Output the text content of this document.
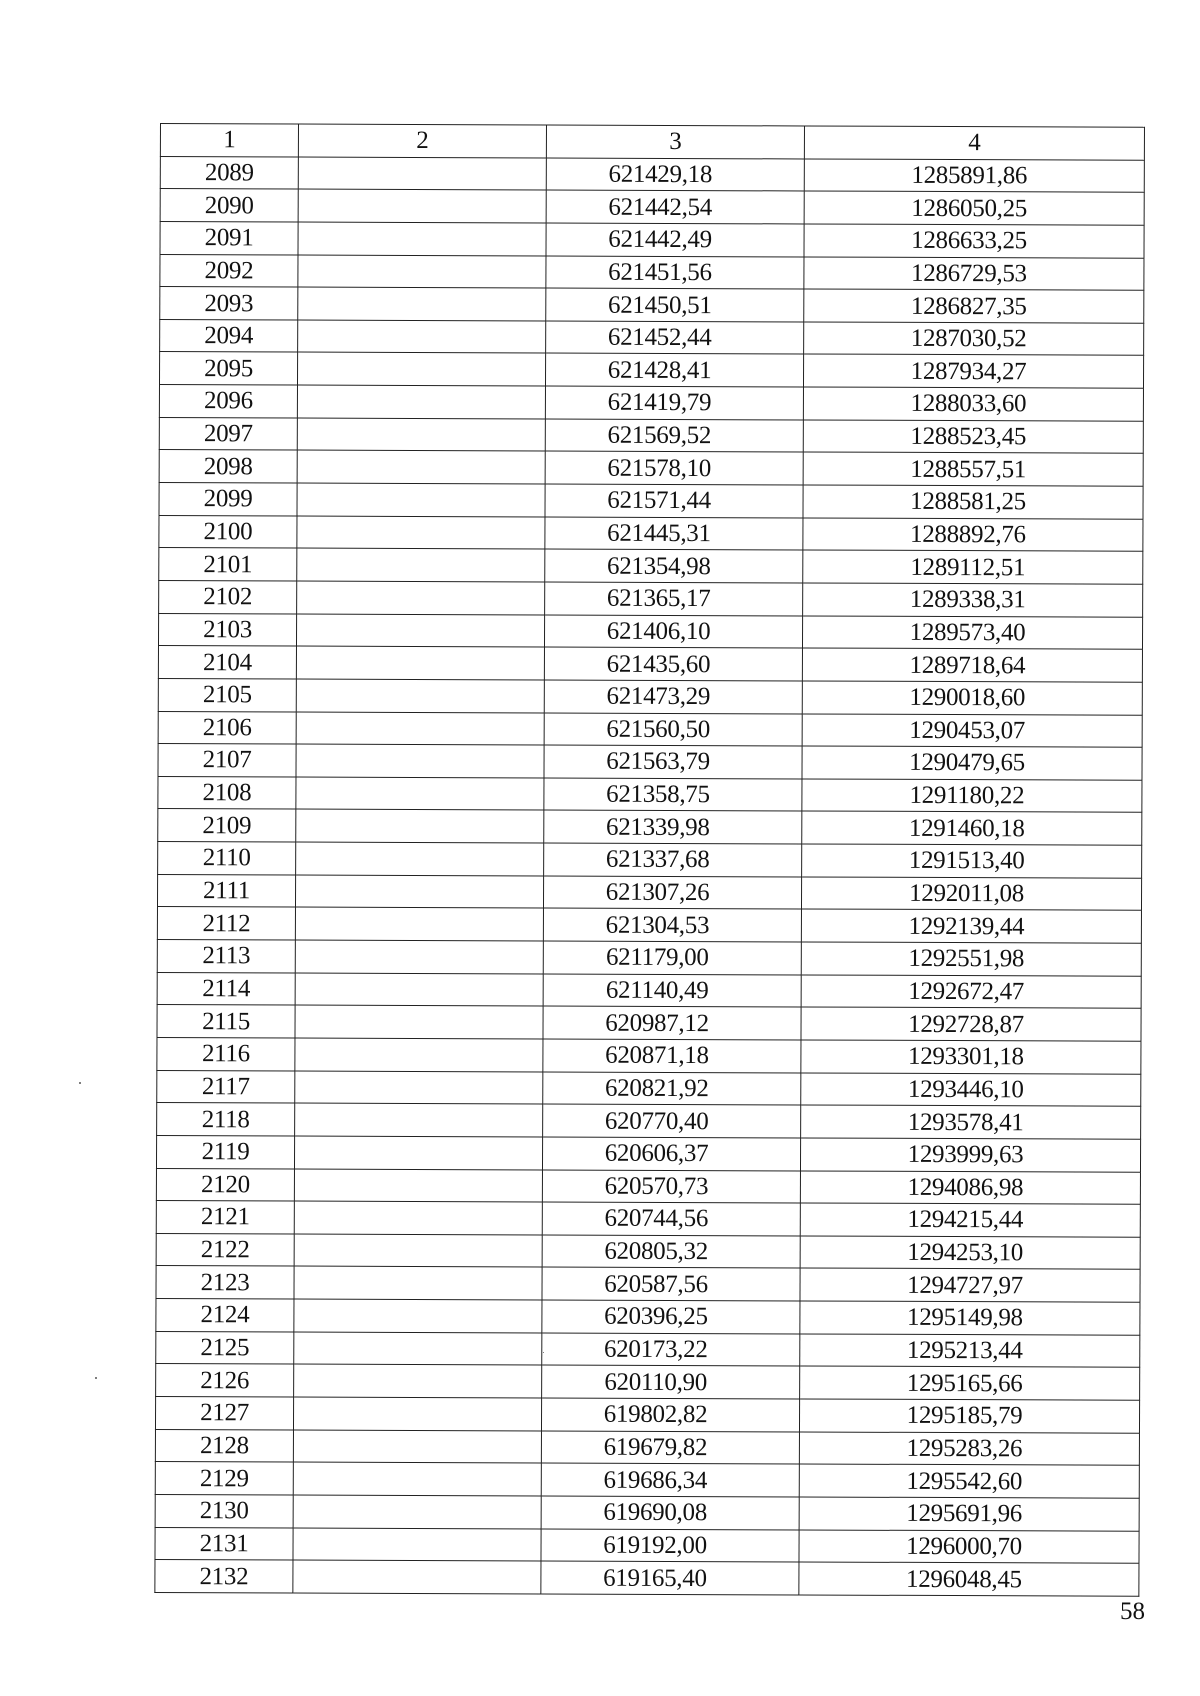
1	2	3	4
2089		621429,18	1285891,86
2090		621442,54	1286050,25
2091		621442,49	1286633,25
2092		621451,56	1286729,53
2093		621450,51	1286827,35
2094		621452,44	1287030,52
2095		621428,41	1287934,27
2096		621419,79	1288033,60
2097		621569,52	1288523,45
2098		621578,10	1288557,51
2099		621571,44	1288581,25
2100		621445,31	1288892,76
2101		621354,98	1289112,51
2102		621365,17	1289338,31
2103		621406,10	1289573,40
2104		621435,60	1289718,64
2105		621473,29	1290018,60
2106		621560,50	1290453,07
2107		621563,79	1290479,65
2108		621358,75	1291180,22
2109		621339,98	1291460,18
2110		621337,68	1291513,40
2111		621307,26	1292011,08
2112		621304,53	1292139,44
2113		621179,00	1292551,98
2114		621140,49	1292672,47
2115		620987,12	1292728,87
2116		620871,18	1293301,18
2117		620821,92	1293446,10
2118		620770,40	1293578,41
2119		620606,37	1293999,63
2120		620570,73	1294086,98
2121		620744,56	1294215,44
2122		620805,32	1294253,10
2123		620587,56	1294727,97
2124		620396,25	1295149,98
2125		620173,22	1295213,44
2126		620110,90	1295165,66
2127		619802,82	1295185,79
2128		619679,82	1295283,26
2129		619686,34	1295542,60
2130		619690,08	1295691,96
2131		619192,00	1296000,70
2132		619165,40	1296048,45
58
